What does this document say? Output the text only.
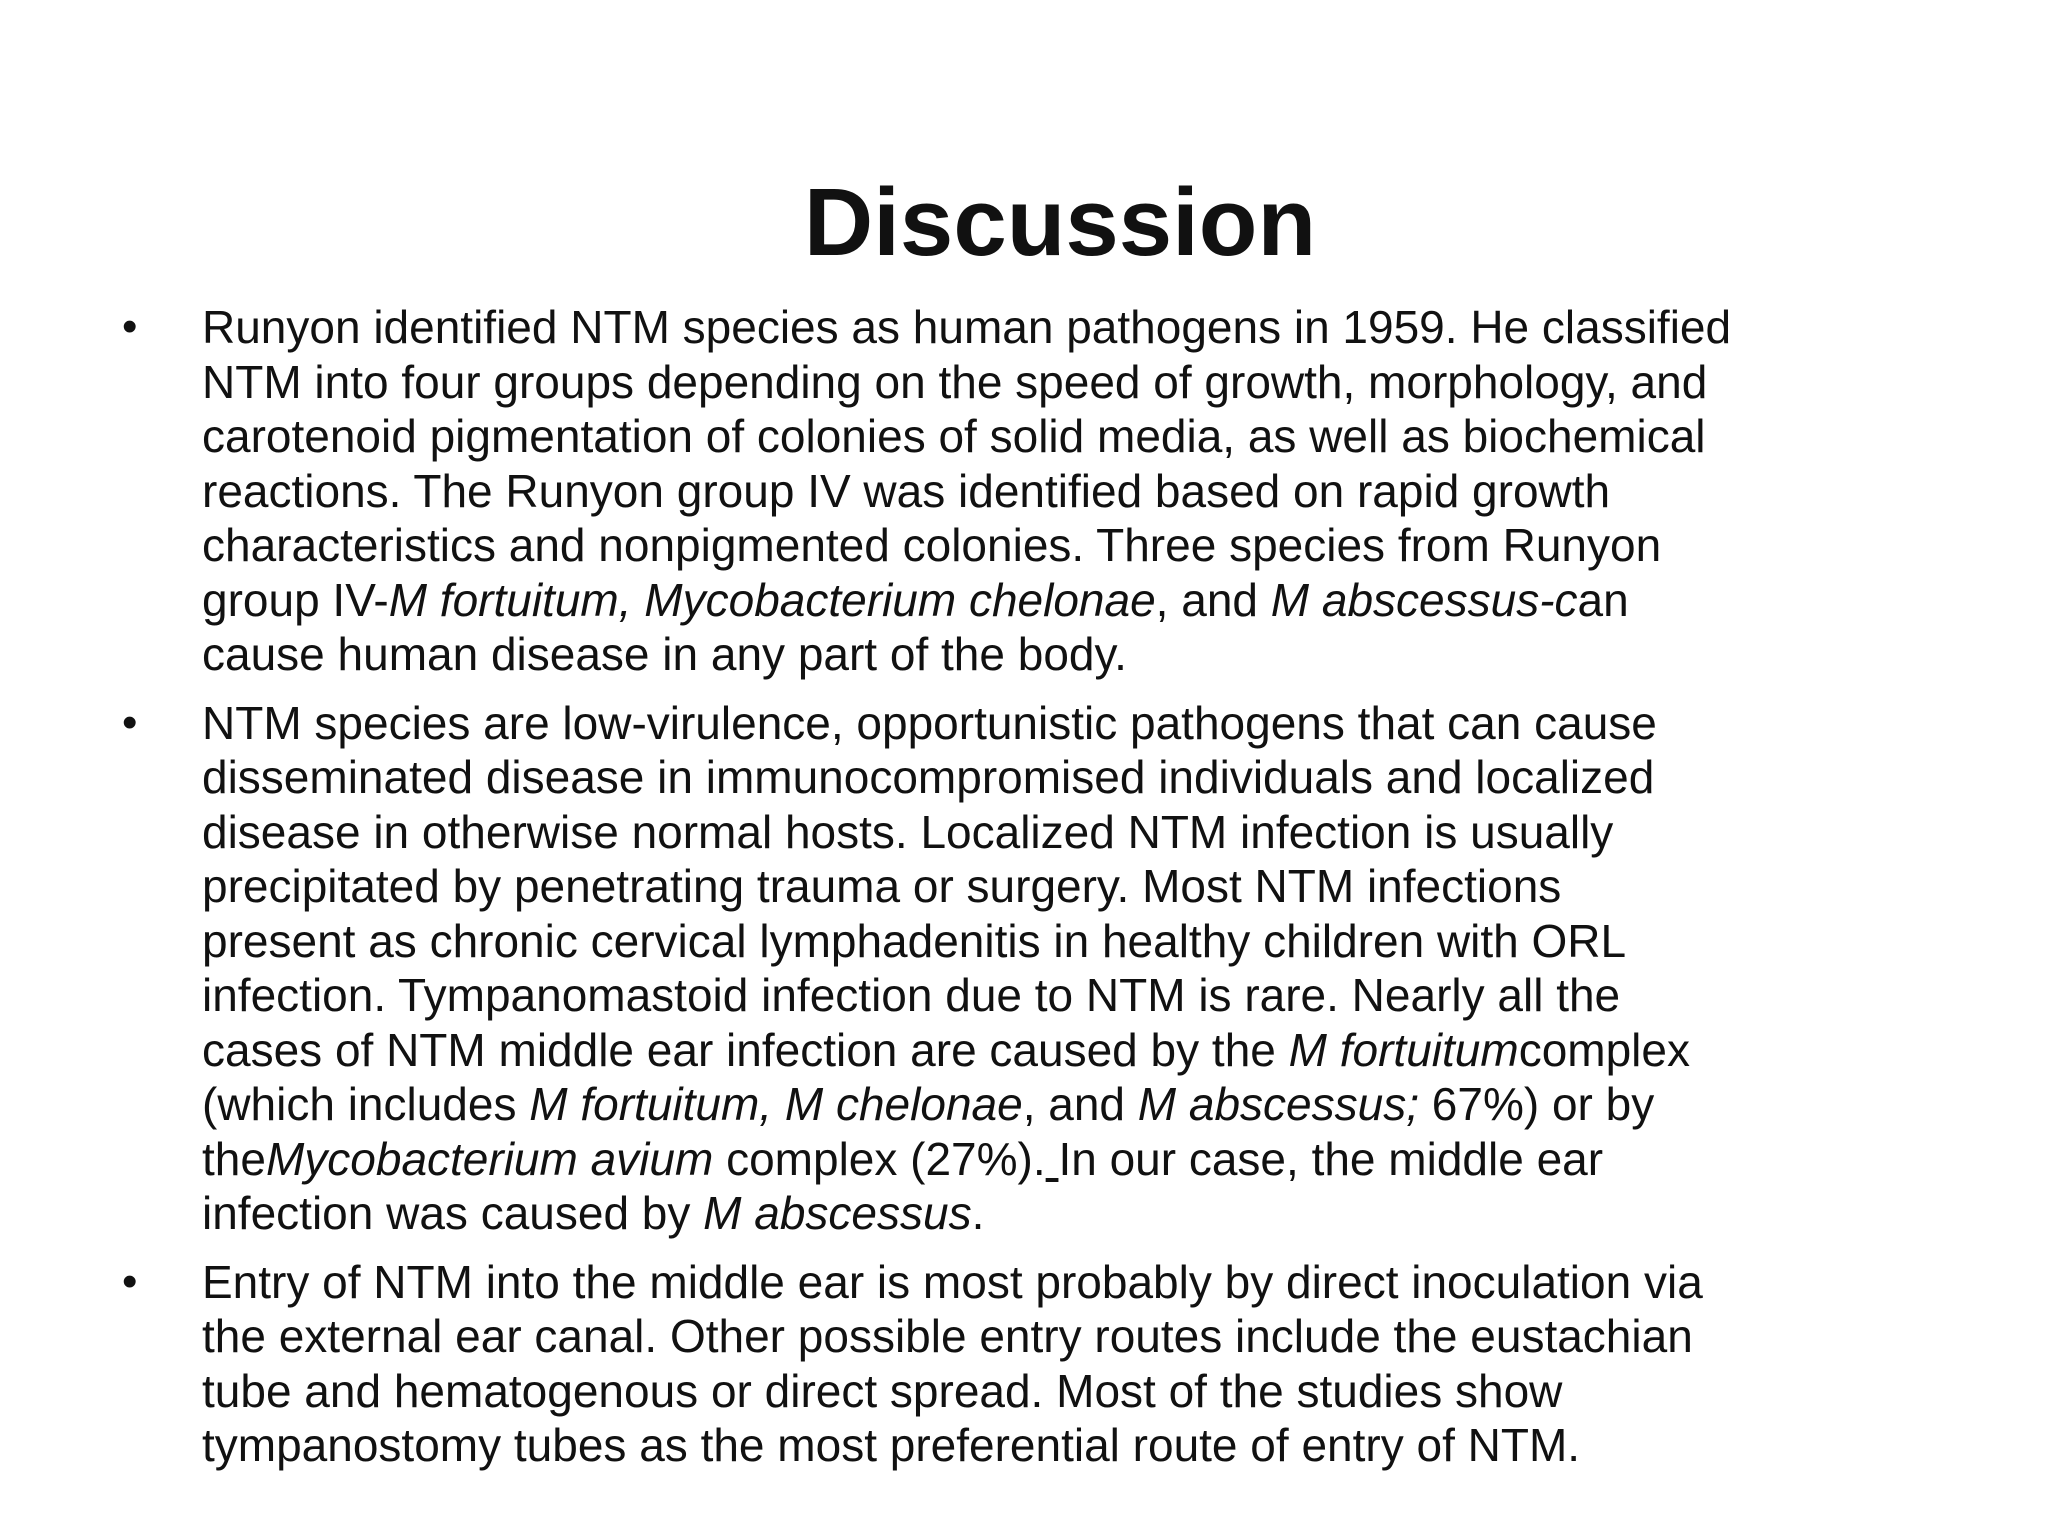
Discussion
• Runyon identified NTM species as human pathogens in 1959. He classified
NTM into four groups depending on the speed of growth, morphology, and
carotenoid pigmentation of colonies of solid media, as well as biochemical
reactions. The Runyon group IV was identified based on rapid growth
characteristics and nonpigmented colonies. Three species from Runyon
group IV-M fortuitum, Mycobacterium chelonae, and M abscessus-can
cause human disease in any part of the body.
• NTM species are low-virulence, opportunistic pathogens that can cause
disseminated disease in immunocompromised individuals and localized
disease in otherwise normal hosts. Localized NTM infection is usually
precipitated by penetrating trauma or surgery. Most NTM infections
present as chronic cervical lymphadenitis in healthy children with ORL
infection. Tympanomastoid infection due to NTM is rare. Nearly all the
cases of NTM middle ear infection are caused by the M fortuitumcomplex
(which includes M fortuitum, M chelonae, and M abscessus; 67%) or by
theMycobacterium avium complex (27%). In our case, the middle ear
infection was caused by M abscessus.
• Entry of NTM into the middle ear is most probably by direct inoculation via
the external ear canal. Other possible entry routes include the eustachian
tube and hematogenous or direct spread. Most of the studies show
tympanostomy tubes as the most preferential route of entry of NTM.
